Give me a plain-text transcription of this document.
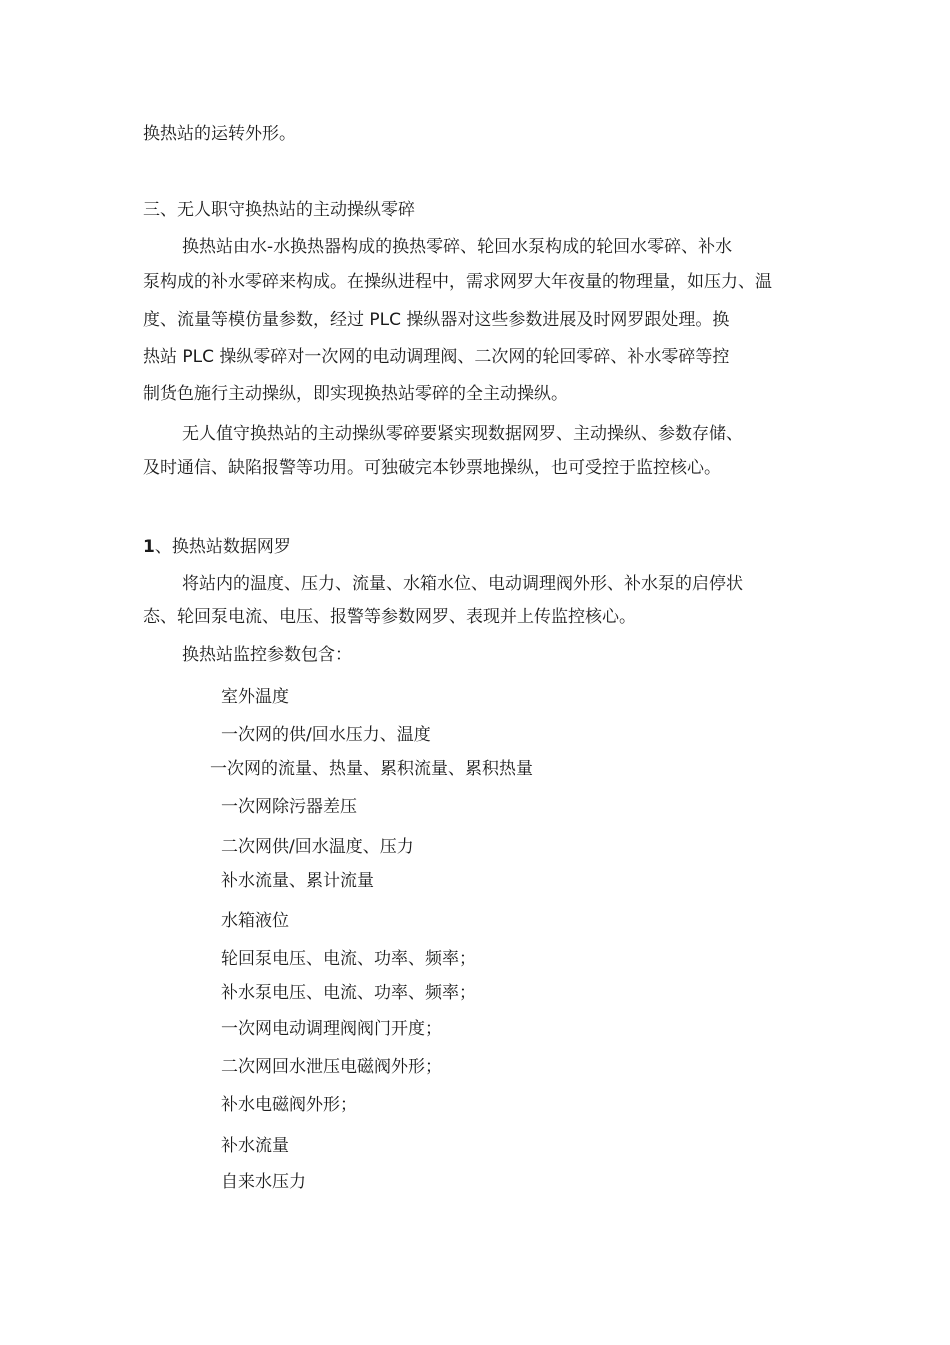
换热站的运转外形。
三、无人职守换热站的主动操纵零碎
换热站由水-水换热器构成的换热零碎、轮回水泵构成的轮回水零碎、补水
泵构成的补水零碎来构成。在操纵进程中，需求网罗大年夜量的物理量，如压力、温
度、流量等模仿量参数，经过 PLC 操纵器对这些参数进展及时网罗跟处理。换
热站 PLC 操纵零碎对一次网的电动调理阀、二次网的轮回零碎、补水零碎等控
制货色施行主动操纵，即实现换热站零碎的全主动操纵。
无人值守换热站的主动操纵零碎要紧实现数据网罗、主动操纵、参数存储、
及时通信、缺陷报警等功用。可独破完本钞票地操纵，也可受控于监控核心。
1、换热站数据网罗
将站内的温度、压力、流量、水箱水位、电动调理阀外形、补水泵的启停状
态、轮回泵电流、电压、报警等参数网罗、表现并上传监控核心。
换热站监控参数包含：
室外温度
一次网的供/回水压力、温度
一次网的流量、热量、累积流量、累积热量
一次网除污器差压
二次网供/回水温度、压力
补水流量、累计流量
水箱液位
轮回泵电压、电流、功率、频率；
补水泵电压、电流、功率、频率；
一次网电动调理阀阀门开度；
二次网回水泄压电磁阀外形；
补水电磁阀外形；
补水流量
自来水压力
